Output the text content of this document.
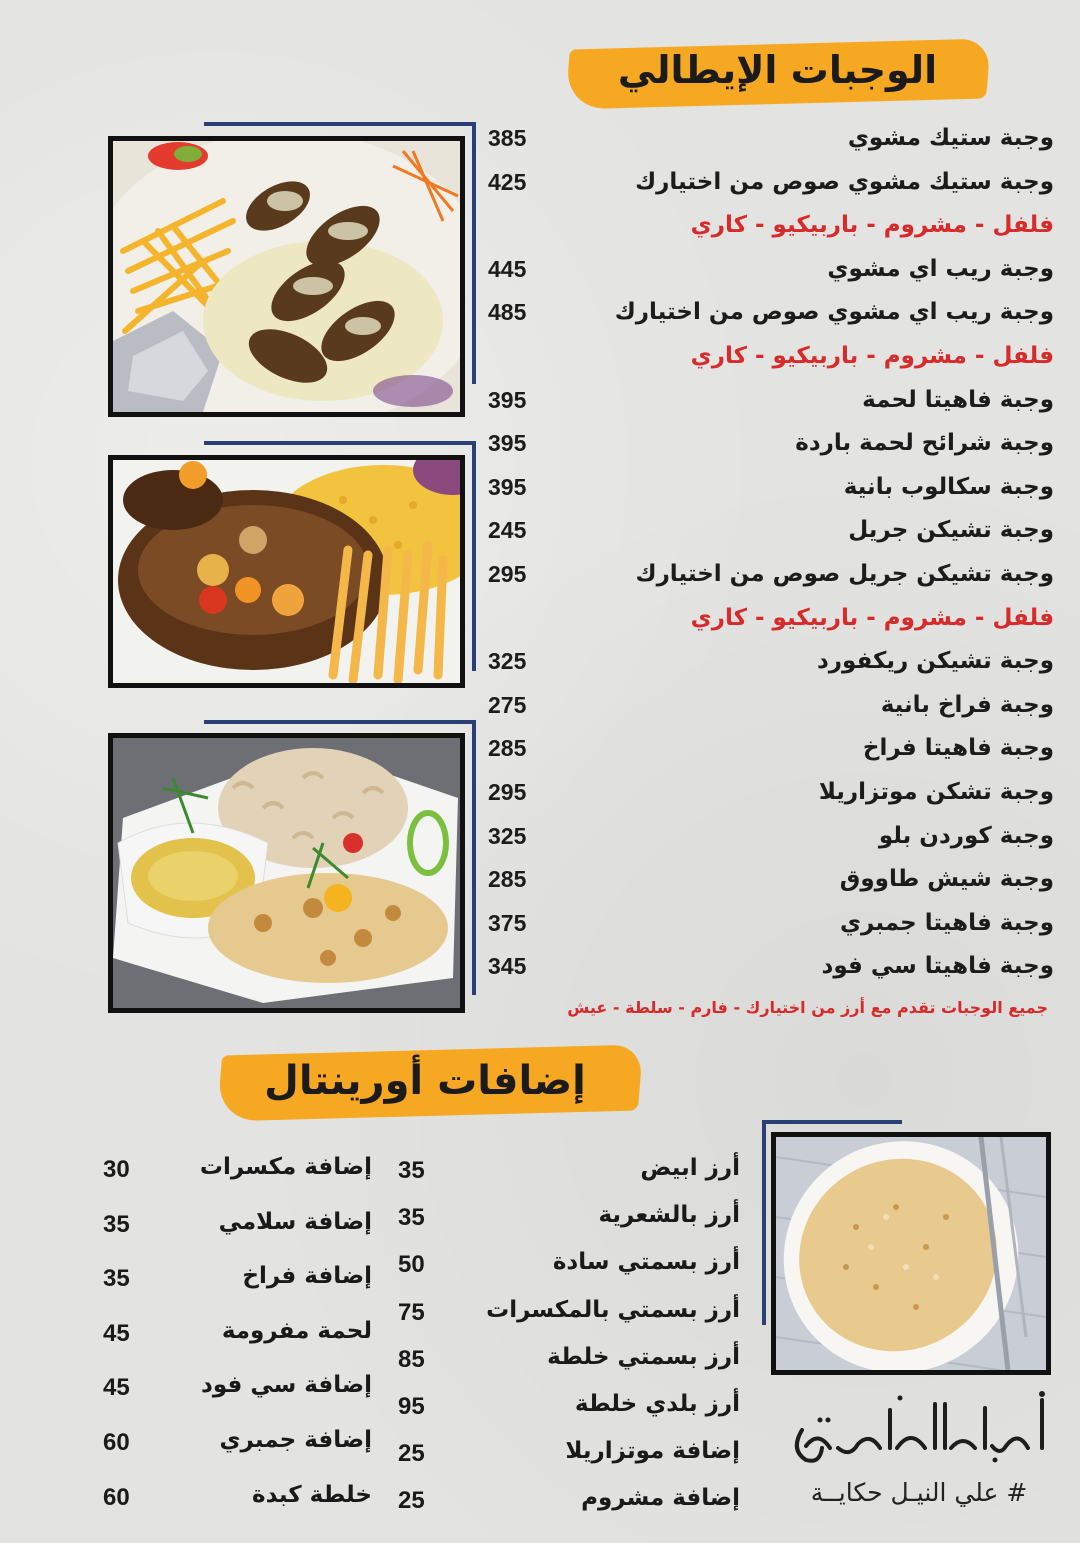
الوجبات الإيطالي
وجبة ستيك مشوي
385
وجبة ستيك مشوي صوص من اختيارك
425
فلفل - مشروم - باربيكيو - كاري
وجبة ريب اي مشوي
445
وجبة ريب اي مشوي صوص من اختيارك
485
فلفل - مشروم - باربيكيو - كاري
وجبة فاهيتا لحمة
395
وجبة شرائح لحمة باردة
395
وجبة سكالوب بانية
395
وجبة تشيكن جريل
245
وجبة تشيكن جريل صوص من اختيارك
295
فلفل - مشروم - باربيكيو - كاري
وجبة تشيكن ريكفورد
325
وجبة فراخ بانية
275
وجبة فاهيتا فراخ
285
وجبة تشكن موتزاريلا
295
وجبة كوردن بلو
325
وجبة شيش طاووق
285
وجبة فاهيتا جمبري
375
وجبة فاهيتا سي فود
345
جميع الوجبات تقدم مع أرز من اختيارك - فارم - سلطة - عيش
إضافات أورينتال
أرز ابيض
35
أرز بالشعرية
35
أرز بسمتي سادة
50
أرز بسمتي بالمكسرات
75
أرز بسمتي خلطة
85
أرز بلدي خلطة
95
إضافة موتزاريلا
25
إضافة مشروم
25
إضافة مكسرات
30
إضافة سلامي
35
إضافة فراخ
35
لحمة مفرومة
45
إضافة سي فود
45
إضافة جمبري
60
خلطة كبدة
60	# علي النيـل حكايــة
